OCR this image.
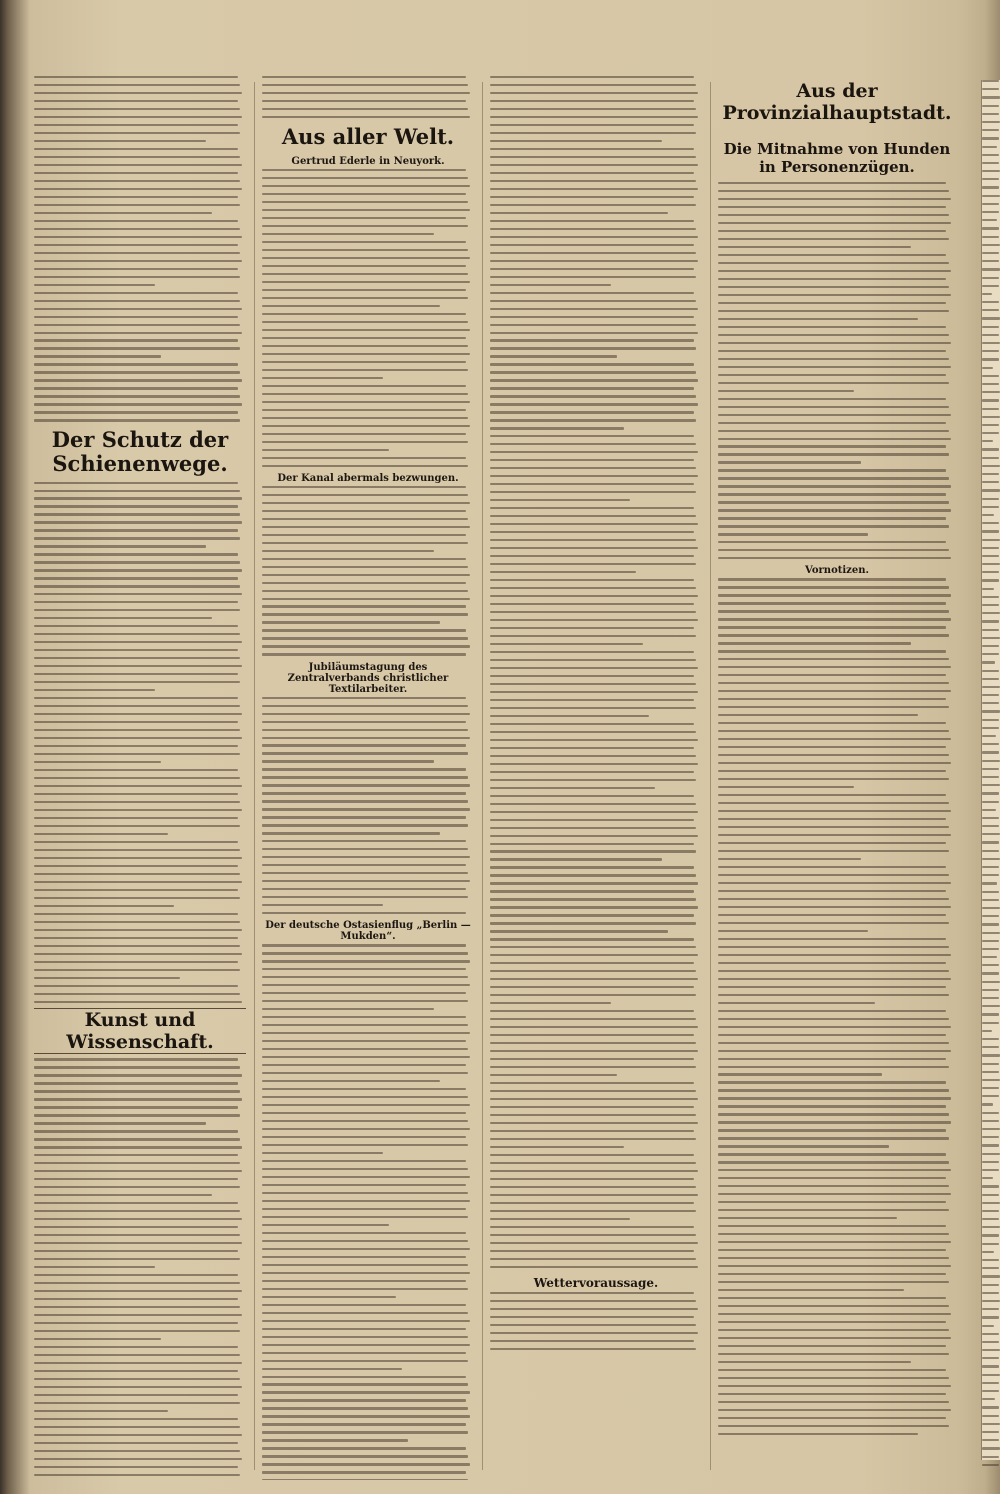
Der Schutz der Schienenwege.
Kunst und Wissenschaft.
Aus aller Welt.
Gertrud Ederle in Neuyork.
Der Kanal abermals bezwungen.
Jubiläumstagung des Zentralverbands christlicher Textilarbeiter.
Der deutsche Ostasienflug „Berlin — Mukden“.
Wettervoraussage.
Aus der Provinzialhauptstadt.
Die Mitnahme von Hunden in Personenzügen.
Vornotizen.
